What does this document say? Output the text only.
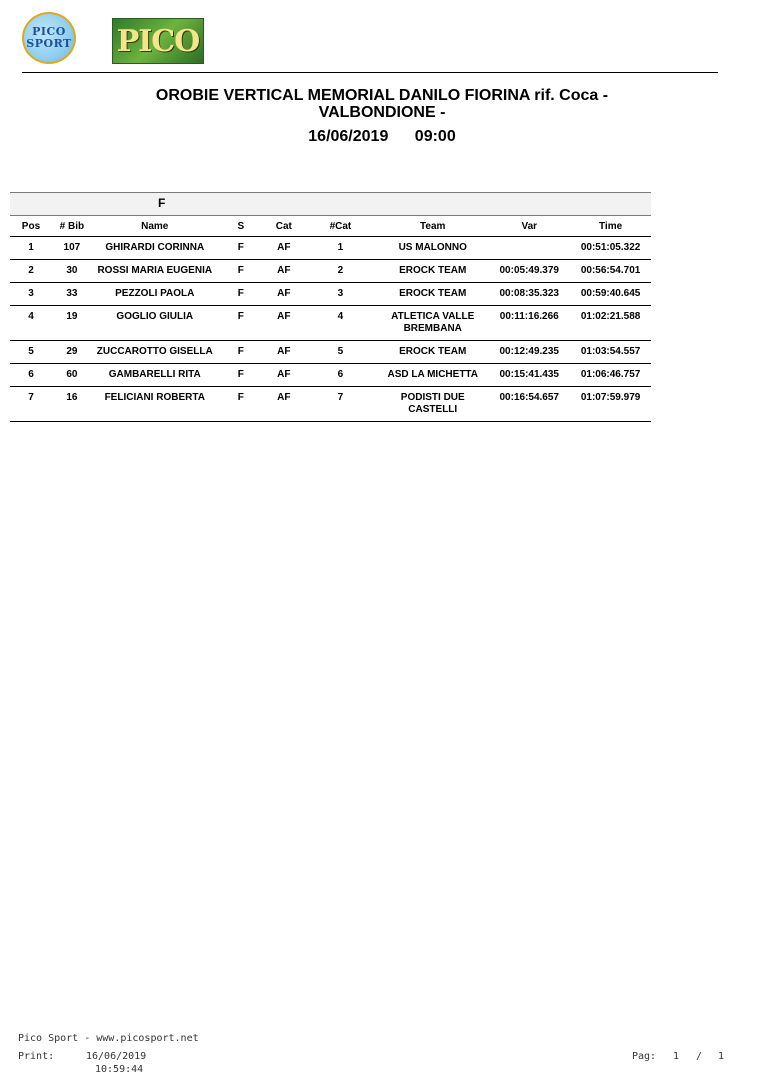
PICO
SPORT PICO
OROBIE VERTICAL MEMORIAL DANILO FIORINA rif. Coca -
VALBONDIONE -
16/06/2019 09:00
F
Pos	# Bib	Name	S	Cat	#Cat	Team	Var	Time
1	107	GHIRARDI CORINNA	F	AF	1	US MALONNO		00:51:05.322
2	30	ROSSI MARIA EUGENIA	F	AF	2	EROCK TEAM	00:05:49.379	00:56:54.701
3	33	PEZZOLI PAOLA	F	AF	3	EROCK TEAM	00:08:35.323	00:59:40.645
4	19	GOGLIO GIULIA	F	AF	4	ATLETICA VALLE
BREMBANA	00:11:16.266	01:02:21.588
5	29	ZUCCAROTTO GISELLA	F	AF	5	EROCK TEAM	00:12:49.235	01:03:54.557
6	60	GAMBARELLI RITA	F	AF	6	ASD LA MICHETTA	00:15:41.435	01:06:46.757
7	16	FELICIANI ROBERTA	F	AF	7	PODISTI DUE
CASTELLI	00:16:54.657	01:07:59.979
Pico Sport - www.picosport.net
Print:	16/06/2019
10:59:44
Pag: 1 / 1
